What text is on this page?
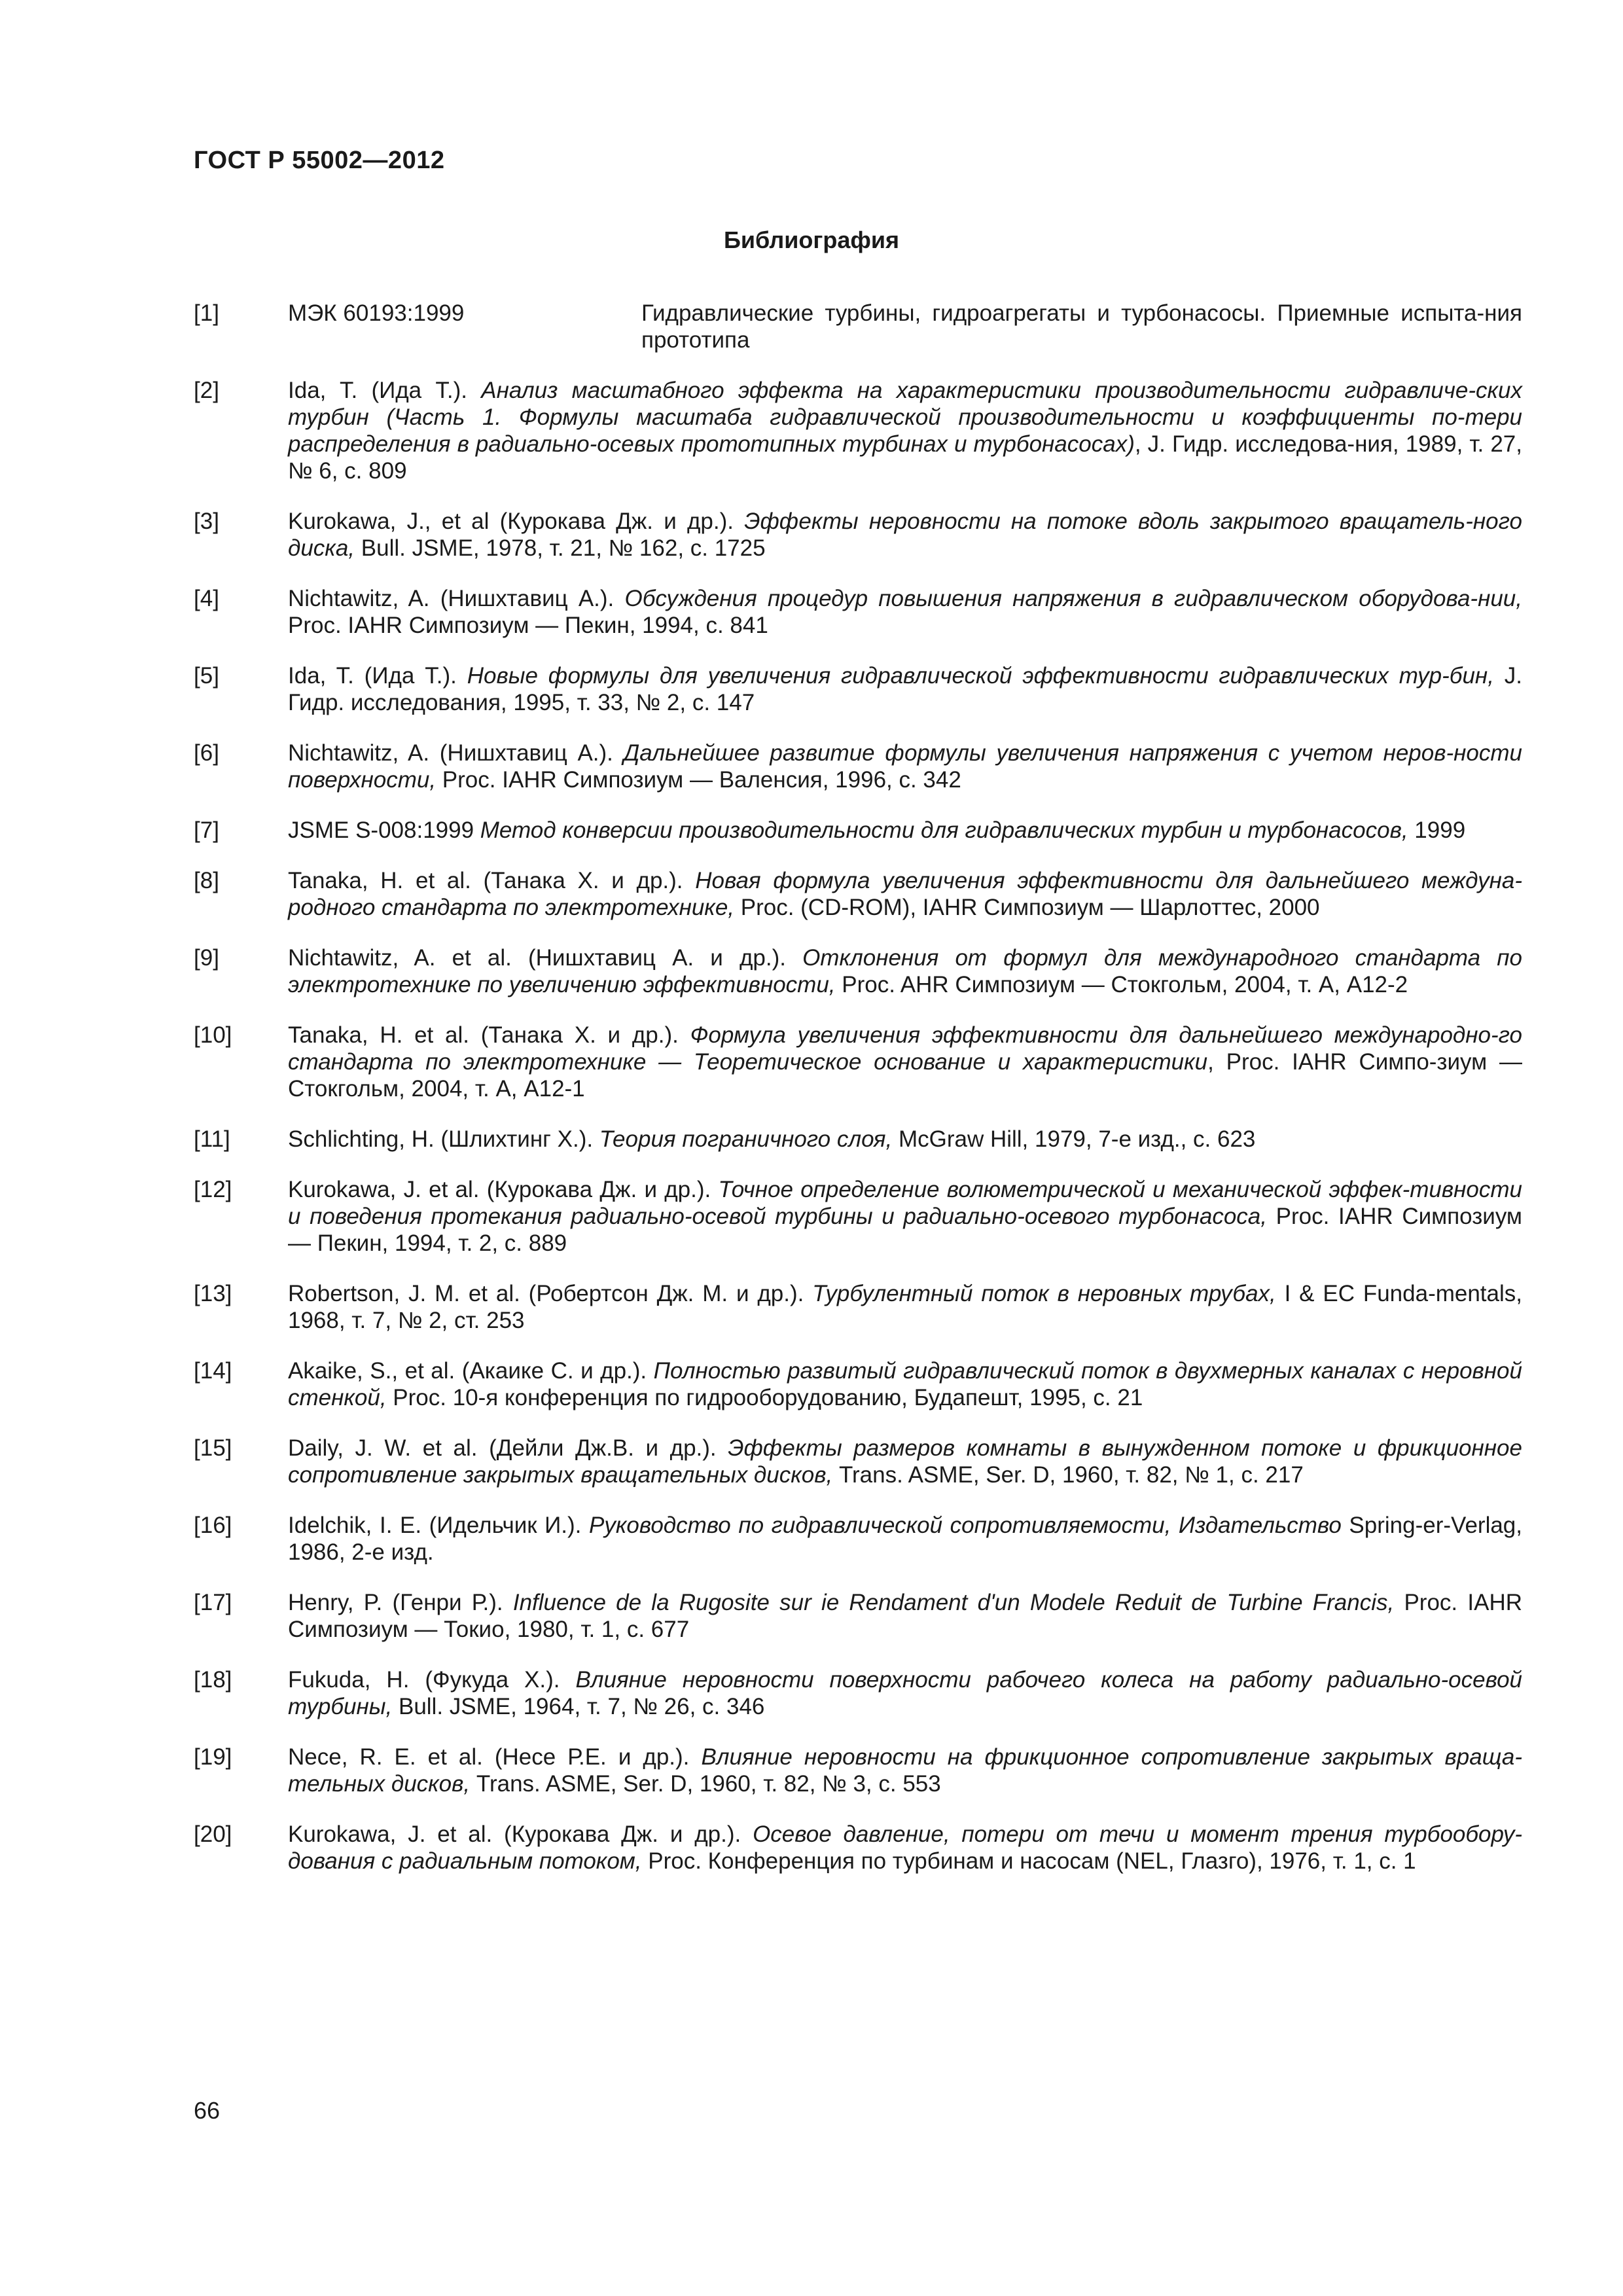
ГОСТ Р 55002—2012
Библиография
[1]	МЭК 60193:1999	Гидравлические турбины, гидроагрегаты и турбонасосы. Приемные испыта-ния прототипа
[2]	Ida, T. (Ида Т.). Анализ масштабного эффекта на характеристики производительности гидравличе-ских турбин (Часть 1. Формулы масштаба гидравлической производительности и коэффициенты по-тери распределения в радиально-осевых прототипных турбинах и турбонасосах), J. Гидр. исследова-ния, 1989, т. 27, № 6, с. 809
[3]	Kurokawa, J., et al (Курокава Дж. и др.). Эффекты неровности на потоке вдоль закрытого вращатель-ного диска, Bull. JSME, 1978, т. 21, № 162, с. 1725
[4]	Nichtawitz, A. (Нишхтавиц А.). Обсуждения процедур повышения напряжения в гидравлическом оборудова-нии, Proc. IAHR Симпозиум — Пекин, 1994, с. 841
[5]	Ida, T. (Ида Т.). Новые формулы для увеличения гидравлической эффективности гидравлических тур-бин, J. Гидр. исследования, 1995, т. 33, № 2, с. 147
[6]	Nichtawitz, A. (Нишхтавиц А.). Дальнейшее развитие формулы увеличения напряжения с учетом неров-ности поверхности, Proc. IAHR Симпозиум — Валенсия, 1996, с. 342
[7]	JSME S-008:1999 Метод конверсии производительности для гидравлических турбин и турбонасосов, 1999
[8]	Tanaka, H. et al. (Танака Х. и др.). Новая формула увеличения эффективности для дальнейшего междуна-родного стандарта по электротехнике, Proc. (CD-ROM), IAHR Симпозиум — Шарлоттес, 2000
[9]	Nichtawitz, A. et al. (Нишхтавиц А. и др.). Отклонения от формул для международного стандарта по электротехнике по увеличению эффективности, Proc. AHR Симпозиум — Стокгольм, 2004, т. А, А12-2
[10]	Tanaka, H. et al. (Танака Х. и др.). Формула увеличения эффективности для дальнейшего международно-го стандарта по электротехнике — Теоретическое основание и характеристики, Proc. IAHR Симпо-зиум — Стокгольм, 2004, т. А, А12-1
[11]	Schlichting, H. (Шлихтинг Х.). Теория пограничного слоя, McGraw Hill, 1979, 7-е изд., с. 623
[12]	Kurokawa, J. et al. (Курокава Дж. и др.). Точное определение волюметрической и механической эффек-тивности и поведения протекания радиально-осевой турбины и радиально-осевого турбонасоса, Proc. IAHR Симпозиум — Пекин, 1994, т. 2, с. 889
[13]	Robertson, J. M. et al. (Робертсон Дж. М. и др.). Турбулентный поток в неровных трубах, I & EC Funda-mentals, 1968, т. 7, № 2, ст. 253
[14]	Akaike, S., et al. (Акаике С. и др.). Полностью развитый гидравлический поток в двухмерных каналах с неровной стенкой, Proc. 10-я конференция по гидрооборудованию, Будапешт, 1995, с. 21
[15]	Daily, J. W. et al. (Дейли Дж.В. и др.). Эффекты размеров комнаты в вынужденном потоке и фрикционное сопротивление закрытых вращательных дисков, Trans. ASME, Ser. D, 1960, т. 82, № 1, с. 217
[16]	Idelchik, I. E. (Идельчик И.). Руководство по гидравлической сопротивляемости, Издательство Spring-er-Verlag, 1986, 2-е изд.
[17]	Henry, P. (Генри Р.). Influence de la Rugosite sur ie Rendament d'un Modele Reduit de Turbine Francis, Proc. IAHR Симпозиум — Токио, 1980, т. 1, с. 677
[18]	Fukuda, H. (Фукуда Х.). Влияние неровности поверхности рабочего колеса на работу радиально-осевой турбины, Bull. JSME, 1964, т. 7, № 26, с. 346
[19]	Nece, R. E. et al. (Несе Р.Е. и др.). Влияние неровности на фрикционное сопротивление закрытых враща-тельных дисков, Trans. ASME, Ser. D, 1960, т. 82, № 3, с. 553
[20]	Kurokawa, J. et al. (Курокава Дж. и др.). Осевое давление, потери от течи и момент трения турбообору-дования с радиальным потоком, Proc. Конференция по турбинам и насосам (NEL, Глазго), 1976, т. 1, с. 1
66
